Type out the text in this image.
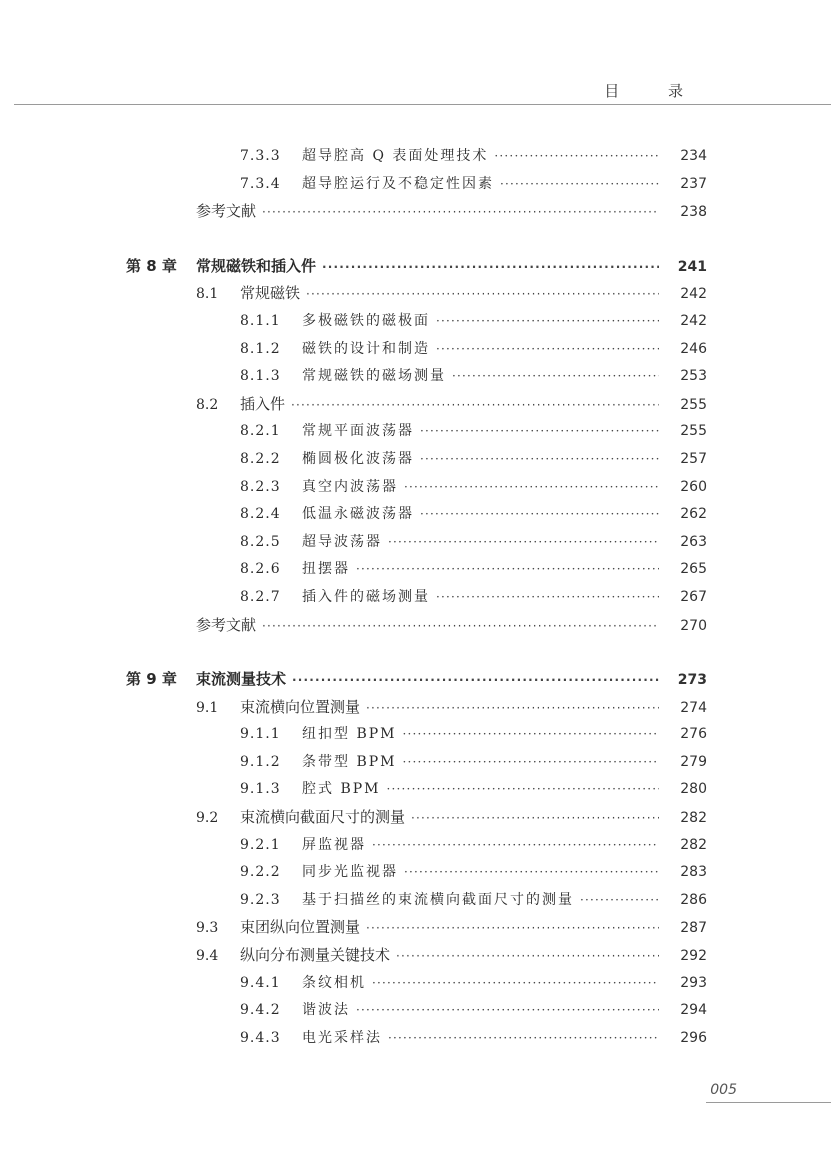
目 录
7.3.3	超导腔高 Q 表面处理技术 ·····	234
7.3.4	超导腔运行及不稳定性因素 ·····	237
参考文献 ·····	238
第 8 章	常规磁铁和插入件 ·····	241
8.1	常规磁铁 ·····	242
8.1.1	多极磁铁的磁极面 ·····	242
8.1.2	磁铁的设计和制造 ·····	246
8.1.3	常规磁铁的磁场测量 ·····	253
8.2	插入件 ·····	255
8.2.1	常规平面波荡器 ·····	255
8.2.2	椭圆极化波荡器 ·····	257
8.2.3	真空内波荡器 ·····	260
8.2.4	低温永磁波荡器 ·····	262
8.2.5	超导波荡器 ·····	263
8.2.6	扭摆器 ·····	265
8.2.7	插入件的磁场测量 ·····	267
参考文献 ·····	270
第 9 章	束流测量技术 ·····	273
9.1	束流横向位置测量 ·····	274
9.1.1	纽扣型 BPM ·····	276
9.1.2	条带型 BPM ·····	279
9.1.3	腔式 BPM ·····	280
9.2	束流横向截面尺寸的测量 ·····	282
9.2.1	屏监视器 ·····	282
9.2.2	同步光监视器 ·····	283
9.2.3	基于扫描丝的束流横向截面尺寸的测量 ·····	286
9.3	束团纵向位置测量 ·····	287
9.4	纵向分布测量关键技术 ·····	292
9.4.1	条纹相机 ·····	293
9.4.2	谐波法 ·····	294
9.4.3	电光采样法 ·····	296
005
